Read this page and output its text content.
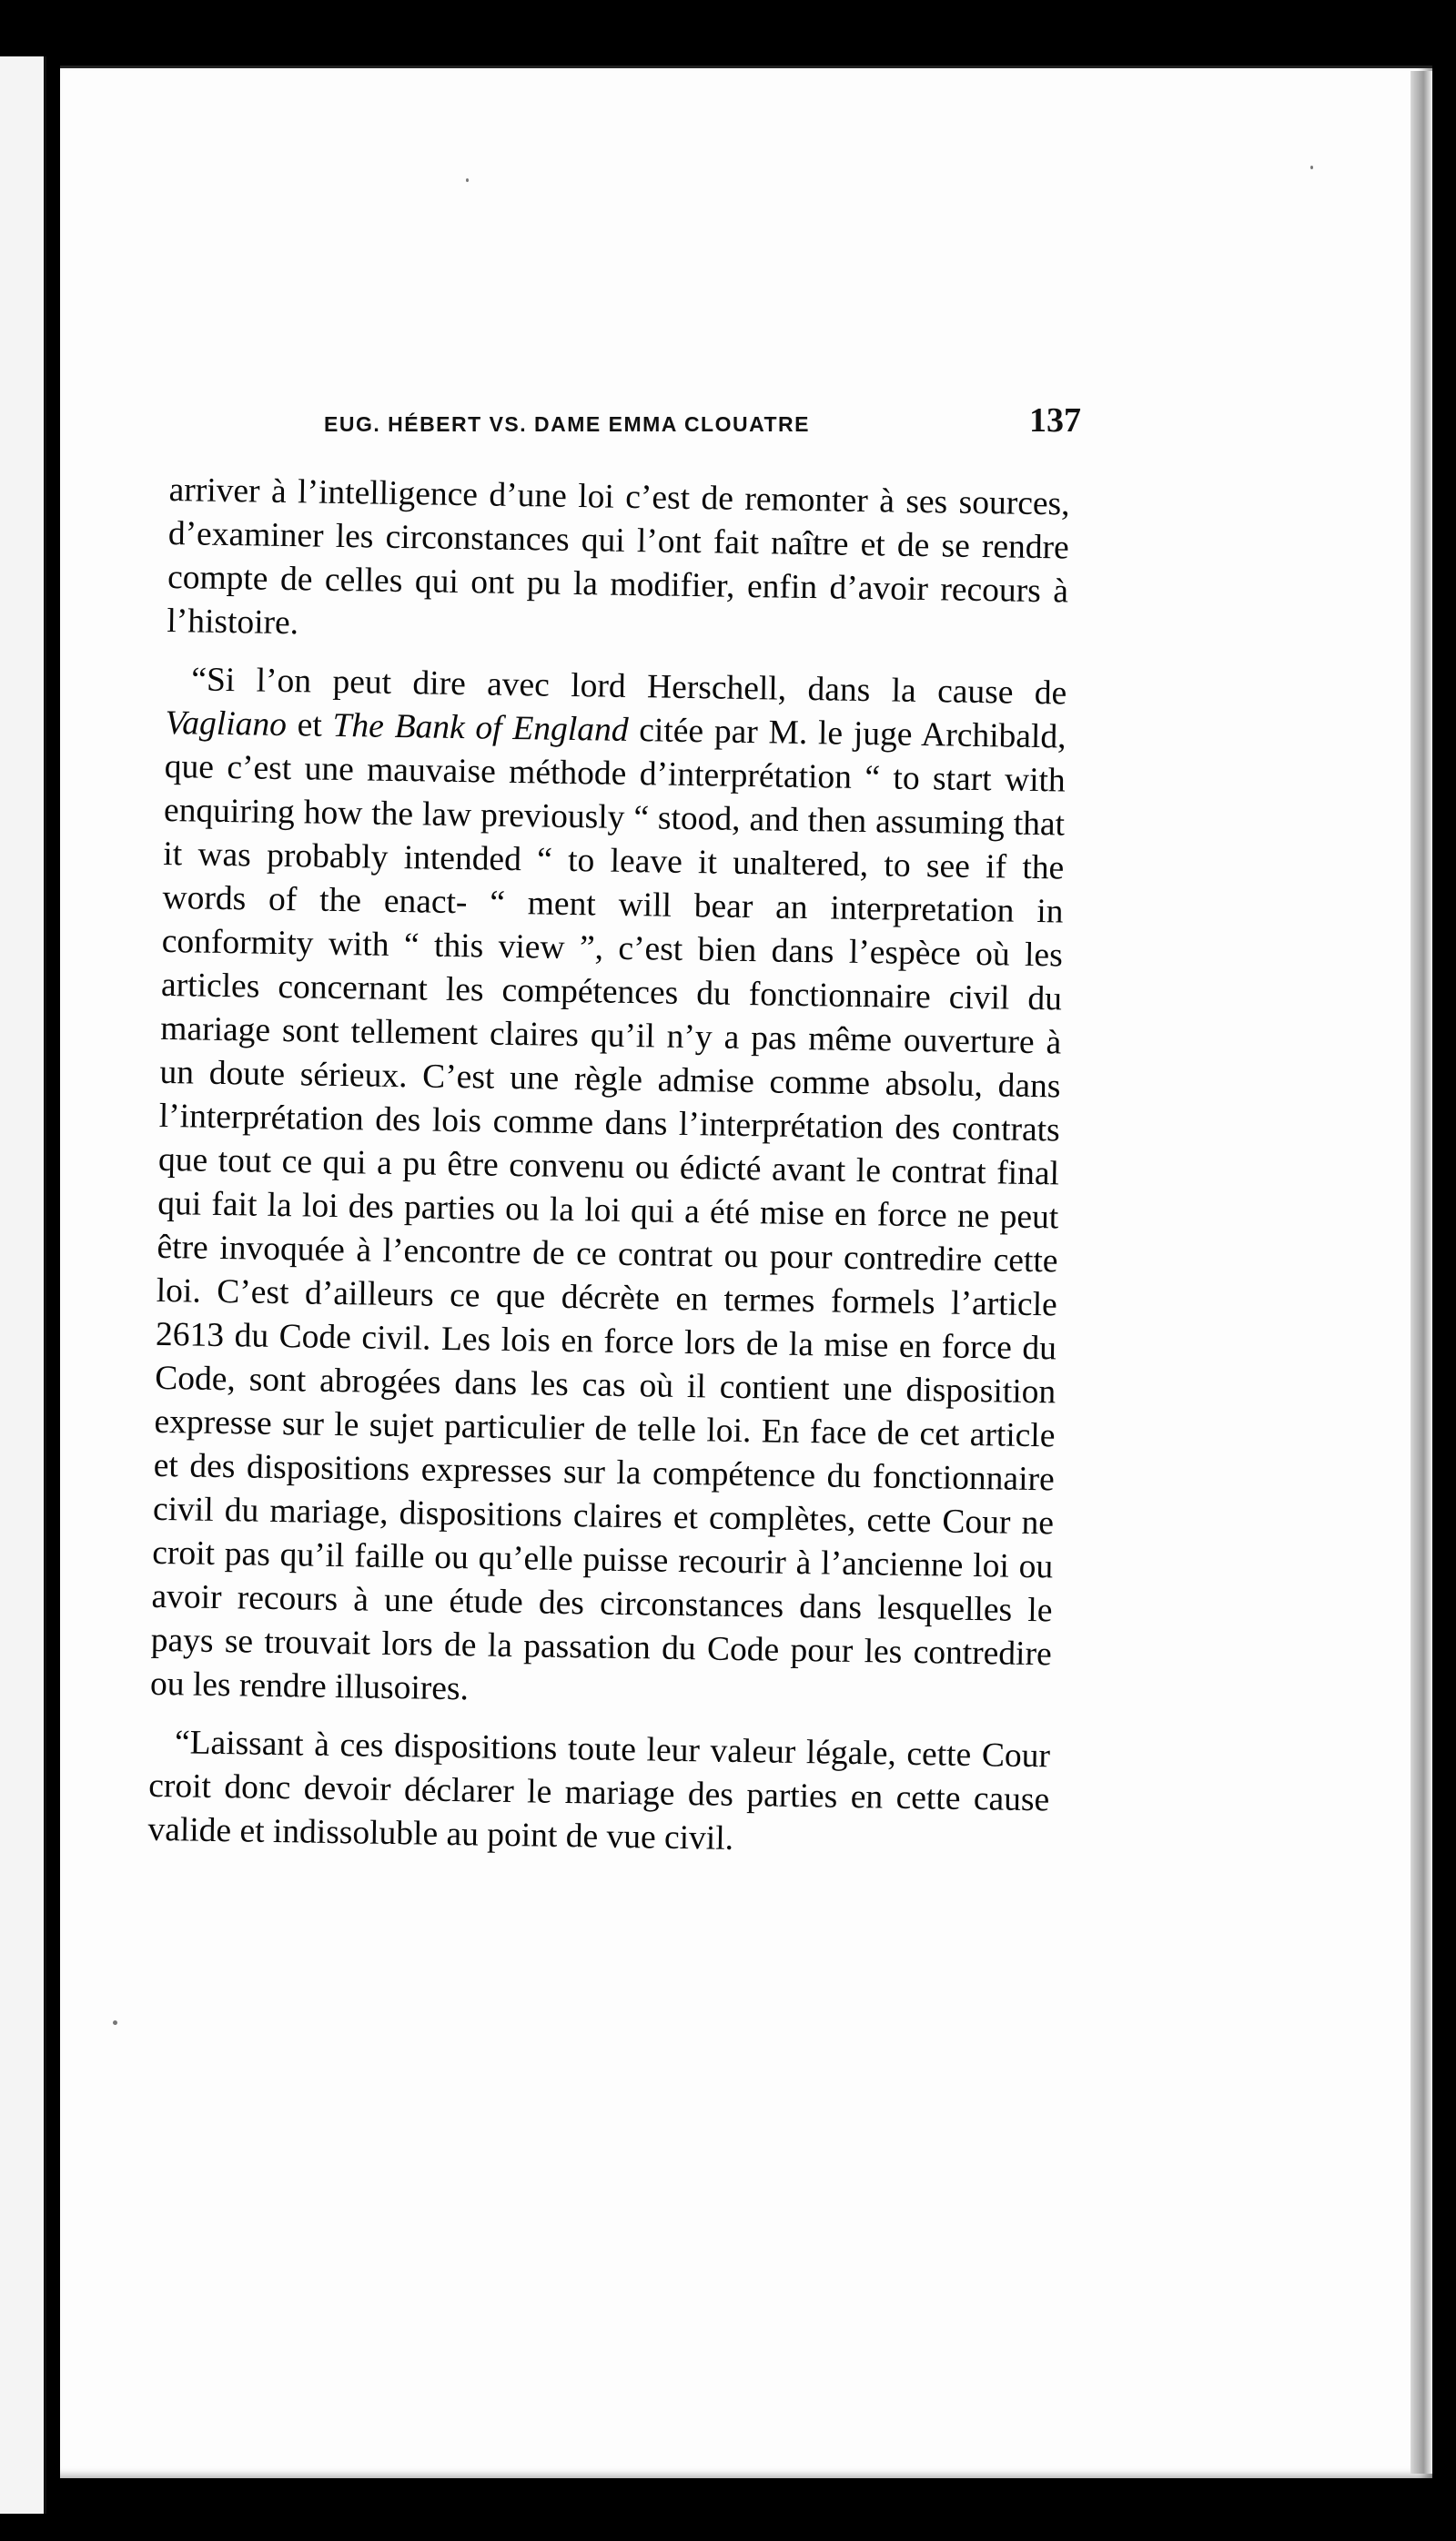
EUG. HÉBERT VS. DAME EMMA CLOUATRE	137

arriver à l’intelligence d’une loi c’est de remonter à ses sources, d’examiner les circonstances qui l’ont fait naître et de se rendre compte de celles qui ont pu la modifier, enfin d’avoir recours à l’histoire.

“Si l’on peut dire avec lord Herschell, dans la cause de Vagliano et The Bank of England citée par M. le juge Archibald, que c’est une mauvaise méthode d’interprétation “ to start with enquiring how the law previously “ stood, and then assuming that it was probably intended “ to leave it unaltered, to see if the words of the enact- “ ment will bear an interpretation in conformity with “ this view ”, c’est bien dans l’espèce où les articles concernant les compétences du fonctionnaire civil du mariage sont tellement claires qu’il n’y a pas même ouverture à un doute sérieux. C’est une règle admise comme absolu, dans l’interprétation des lois comme dans l’interprétation des contrats que tout ce qui a pu être convenu ou édicté avant le contrat final qui fait la loi des parties ou la loi qui a été mise en force ne peut être invoquée à l’encontre de ce contrat ou pour contredire cette loi. C’est d’ailleurs ce que décrète en termes formels l’article 2613 du Code civil. Les lois en force lors de la mise en force du Code, sont abrogées dans les cas où il contient une disposition expresse sur le sujet particulier de telle loi. En face de cet article et des dispositions expresses sur la compétence du fonctionnaire civil du mariage, dispositions claires et complètes, cette Cour ne croit pas qu’il faille ou qu’elle puisse recourir à l’ancienne loi ou avoir recours à une étude des circonstances dans lesquelles le pays se trouvait lors de la passation du Code pour les contredire ou les rendre illusoires.

“Laissant à ces dispositions toute leur valeur légale, cette Cour croit donc devoir déclarer le mariage des parties en cette cause valide et indissoluble au point de vue civil.
